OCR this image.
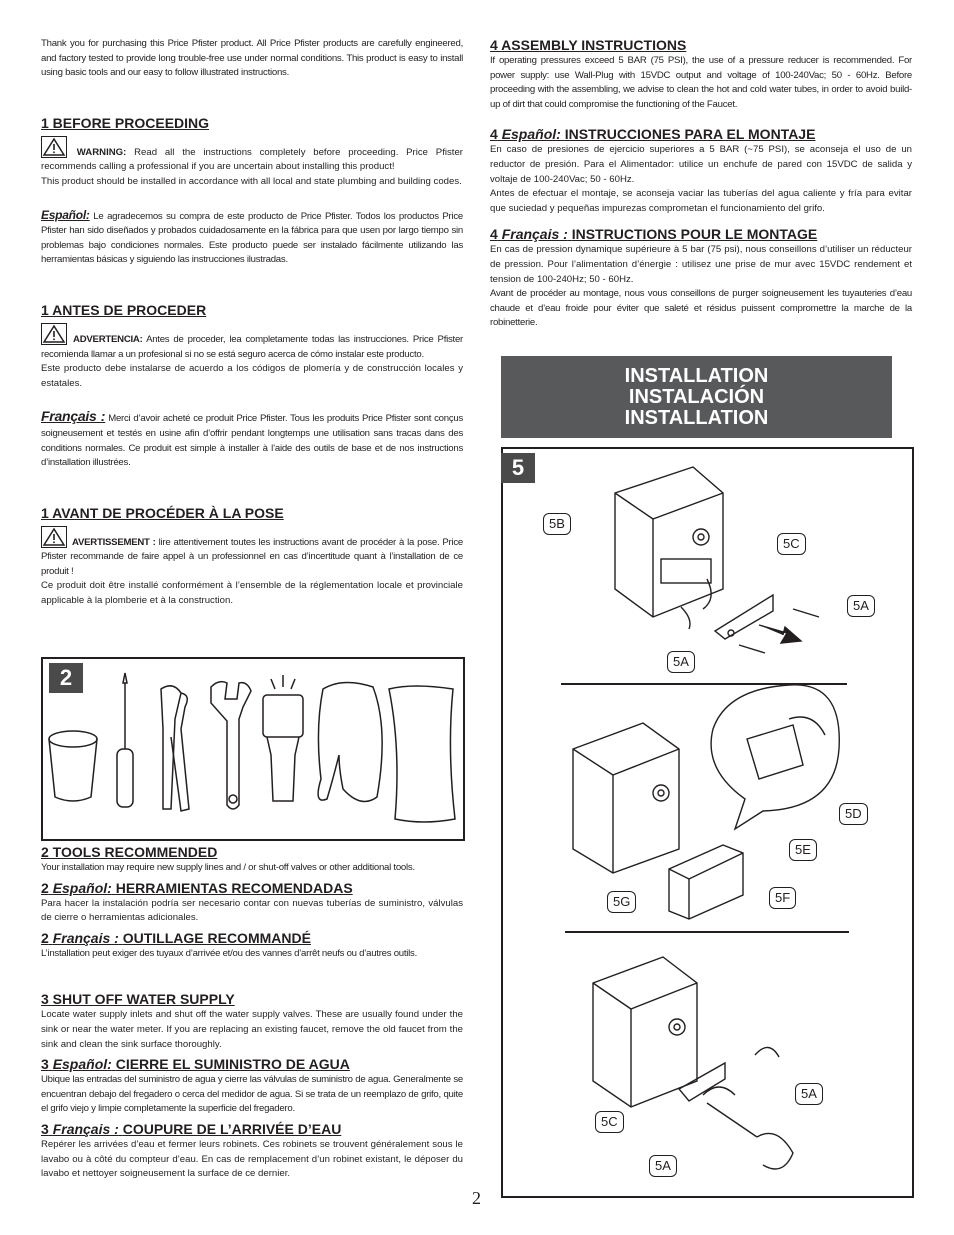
Thank you for purchasing this Price Pfister product. All Price Pfister products are carefully engineered, and factory tested to provide long trouble-free use under normal conditions. This product is easy to install using basic tools and our easy to follow illustrated instructions.

1 BEFORE PROCEEDING

WARNING: Read all the instructions completely before proceeding. Price Pfister recommends calling a professional if you are uncertain about installing this product!

This product should be installed in accordance with all local and state plumbing and building codes.

Español: Le agradecemos su compra de este producto de Price Pfister. Todos los productos Price Pfister han sido diseñados y probados cuidadosamente en la fábrica para que usen por largo tiempo sin problemas bajo condiciones normales. Este producto puede ser instalado fácilmente utilizando las herramientas básicas y siguiendo las instrucciones ilustradas.

1 ANTES DE PROCEDER

ADVERTENCIA: Antes de proceder, lea completamente todas las instrucciones. Price Pfister recomienda llamar a un profesional si no se está seguro acerca de cómo instalar este producto.

Este producto debe instalarse de acuerdo a los códigos de plomería y de construcción locales y estatales.

Français : Merci d’avoir acheté ce produit Price Pfister. Tous les produits Price Pfister sont conçus soigneusement et testés en usine afin d’offrir pendant longtemps une utilisation sans tracas dans des conditions normales. Ce produit est simple à installer à l’aide des outils de base et de nos instructions d’installation illustrées.

1 AVANT DE PROCÉDER À LA POSE

AVERTISSEMENT : lire attentivement toutes les instructions avant de procéder à la pose. Price Pfister recommande de faire appel à un professionnel en cas d’incertitude quant à l’installation de ce produit !

Ce produit doit être installé conformément à l’ensemble de la réglementation locale et provinciale applicable à la plomberie et à la construction.

2
2 TOOLS RECOMMENDED

Your installation may require new supply lines and / or shut-off valves or other additional tools.

2 Español: HERRAMIENTAS RECOMENDADAS

Para hacer la instalación podría ser necesario contar con nuevas tuberías de suministro, válvulas de cierre o herramientas adicionales.

2 Français : OUTILLAGE RECOMMANDÉ

L’installation peut exiger des tuyaux d’arrivée et/ou des vannes d’arrêt neufs ou d’autres outils.

3 SHUT OFF WATER SUPPLY

Locate water supply inlets and shut off the water supply valves. These are usually found under the sink or near the water meter. If you are replacing an existing faucet, remove the old faucet from the sink and clean the sink surface thoroughly.

3 Español: CIERRE EL SUMINISTRO DE AGUA

Ubique las entradas del suministro de agua y cierre las válvulas de suministro de agua. Generalmente se encuentran debajo del fregadero o cerca del medidor de agua. Si se trata de un reemplazo de grifo, quite el grifo viejo y limpie completamente la superficie del fregadero.

3 Français : COUPURE DE L’ARRIVÉE D’EAU

Repérer les arrivées d’eau et fermer leurs robinets. Ces robinets se trouvent généralement sous le lavabo ou à côté du compteur d’eau. En cas de remplacement d’un robinet existant, le déposer du lavabo et nettoyer soigneusement la surface de ce dernier.

4 ASSEMBLY INSTRUCTIONS

If operating pressures exceed 5 BAR (75 PSI), the use of a pressure reducer is recommended. For power supply: use Wall-Plug with 15VDC output and voltage of 100-240Vac; 50 - 60Hz. Before proceeding with the assembling, we advise to clean the hot and cold water tubes, in order to avoid build-up of dirt that could compromise the functioning of the Faucet.

4 Español: INSTRUCCIONES PARA EL MONTAJE

En caso de presiones de ejercicio superiores a 5 BAR (~75 PSI), se aconseja el uso de un reductor de presión. Para el Alimentador: utilice un enchufe de pared con 15VDC de salida y voltaje de 100-240Vac; 50 - 60Hz.

Antes de efectuar el montaje, se aconseja vaciar las tuberías del agua caliente y fría para evitar que suciedad y pequeñas impurezas comprometan el funcionamiento del grifo.

4 Français : INSTRUCTIONS POUR LE MONTAGE

En cas de pression dynamique supérieure à 5 bar (75 psi), nous conseillons d’utiliser un réducteur de pression. Pour l’alimentation d’énergie : utilisez une prise de mur avec 15VDC rendement et tension de 100-240Hz; 50 - 60Hz.

Avant de procéder au montage, nous vous conseillons de purger soigneusement les tuyauteries d’eau chaude et d’eau froide pour éviter que saleté et résidus puissent compromettre la marche de la robinetterie.

INSTALLATION
INSTALACIÓN
INSTALLATION
5
5B
5C
5A
5A
5D
5E
5F
5G
5A
5C
5A
2
